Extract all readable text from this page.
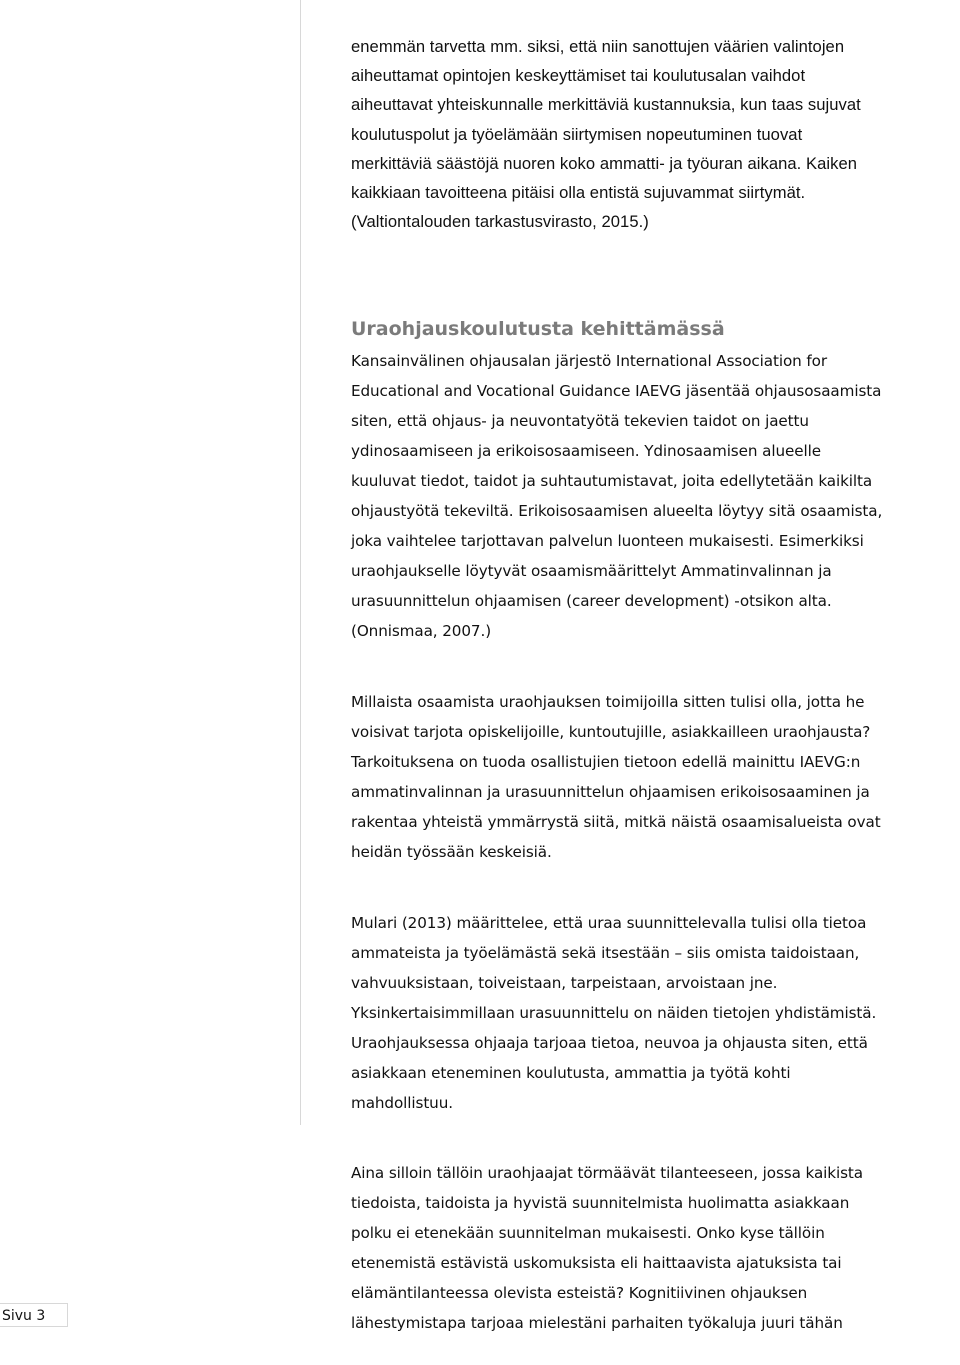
Sivu 3

enemmän tarvetta mm. siksi, että niin sanottujen väärien valintojen
aiheuttamat opintojen keskeyttämiset tai koulutusalan vaihdot
aiheuttavat yhteiskunnalle merkittäviä kustannuksia, kun taas sujuvat
koulutuspolut ja työelämään siirtymisen nopeutuminen tuovat
merkittäviä säästöjä nuoren koko ammatti- ja työuran aikana. Kaiken
kaikkiaan tavoitteena pitäisi olla entistä sujuvammat siirtymät.
(Valtiontalouden tarkastusvirasto, 2015.)

Uraohjauskoulutusta kehittämässä

Kansainvälinen ohjausalan järjestö International Association for
Educational and Vocational Guidance IAEVG jäsentää ohjausosaamista
siten, että ohjaus- ja neuvontatyötä tekevien taidot on jaettu
ydinosaamiseen ja erikoisosaamiseen. Ydinosaamisen alueelle
kuuluvat tiedot, taidot ja suhtautumistavat, joita edellytetään kaikilta
ohjaustyötä tekeviltä. Erikoisosaamisen alueelta löytyy sitä osaamista,
joka vaihtelee tarjottavan palvelun luonteen mukaisesti. Esimerkiksi
uraohjaukselle löytyvät osaamismäärittelyt Ammatinvalinnan ja
urasuunnittelun ohjaamisen (career development) -otsikon alta.
(Onnismaa, 2007.)

Millaista osaamista uraohjauksen toimijoilla sitten tulisi olla, jotta he
voisivat tarjota opiskelijoille, kuntoutujille, asiakkailleen uraohjausta?
Tarkoituksena on tuoda osallistujien tietoon edellä mainittu IAEVG:n
ammatinvalinnan ja urasuunnittelun ohjaamisen erikoisosaaminen ja
rakentaa yhteistä ymmärrystä siitä, mitkä näistä osaamisalueista ovat
heidän työssään keskeisiä.

Mulari (2013) määrittelee, että uraa suunnittelevalla tulisi olla tietoa
ammateista ja työelämästä sekä itsestään – siis omista taidoistaan,
vahvuuksistaan, toiveistaan, tarpeistaan, arvoistaan jne.
Yksinkertaisimmillaan urasuunnittelu on näiden tietojen yhdistämistä.
Uraohjauksessa ohjaaja tarjoaa tietoa, neuvoa ja ohjausta siten, että
asiakkaan eteneminen koulutusta, ammattia ja työtä kohti
mahdollistuu.

Aina silloin tällöin uraohjaajat törmäävät tilanteeseen, jossa kaikista
tiedoista, taidoista ja hyvistä suunnitelmista huolimatta asiakkaan
polku ei etenekään suunnitelman mukaisesti. Onko kyse tällöin
etenemistä estävistä uskomuksista eli haittaavista ajatuksista tai
elämäntilanteessa olevista esteistä? Kognitiivinen ohjauksen
lähestymistapa tarjoaa mielestäni parhaiten työkaluja juuri tähän
